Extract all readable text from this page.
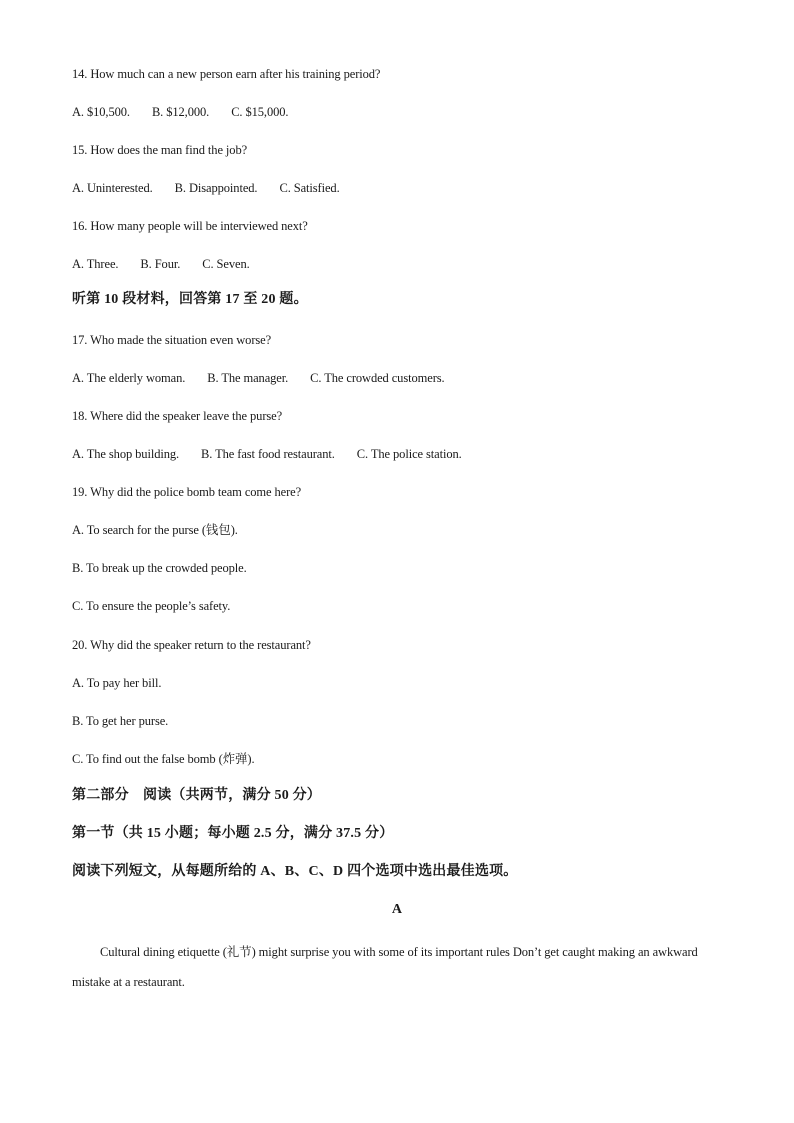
14. How much can a new person earn after his training period?
A. $10,500. B. $12,000. C. $15,000.
15. How does the man find the job?
A. Uninterested. B. Disappointed. C. Satisfied.
16. How many people will be interviewed next?
A. Three. B. Four. C. Seven.
听第 10 段材料，回答第 17 至 20 题。
17. Who made the situation even worse?
A. The elderly woman. B. The manager. C. The crowded customers.
18. Where did the speaker leave the purse?
A. The shop building. B. The fast food restaurant. C. The police station.
19. Why did the police bomb team come here?
A. To search for the purse (钱包).
B. To break up the crowded people.
C. To ensure the people’s safety.
20. Why did the speaker return to the restaurant?
A. To pay her bill.
B. To get her purse.
C. To find out the false bomb (炸弹).
第二部分　阅读（共两节，满分 50 分）
第一节（共 15 小题；每小题 2.5 分，满分 37.5 分）
阅读下列短文，从每题所给的 A、B、C、D 四个选项中选出最佳选项。
A
Cultural dining etiquette (礼节) might surprise you with some of its important rules Don’t get caught making an awkward mistake at a restaurant.
